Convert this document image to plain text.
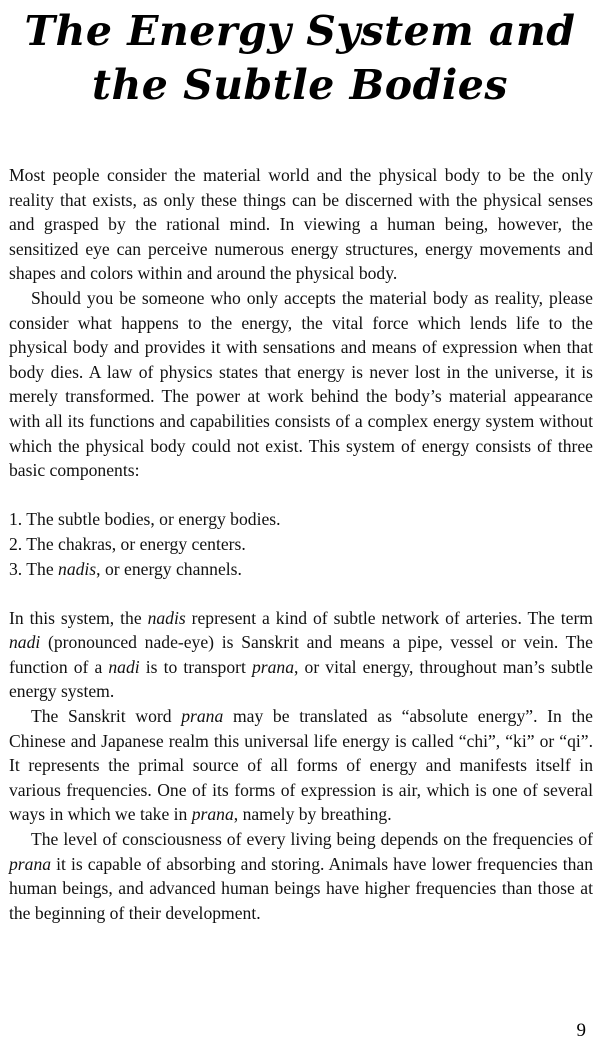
The Energy System and
the Subtle Bodies

Most people consider the material world and the physical body to be the only reality that exists, as only these things can be discerned with the physical senses and grasped by the rational mind. In viewing a human being, however, the sensitized eye can perceive numerous energy structures, energy movements and shapes and colors within and around the physical body.

Should you be someone who only accepts the material body as reality, please consider what happens to the energy, the vital force which lends life to the physical body and provides it with sensations and means of expression when that body dies. A law of physics states that energy is never lost in the universe, it is merely transformed. The power at work behind the body’s material appearance with all its functions and capabilities consists of a complex energy system without which the physical body could not exist. This system of energy consists of three basic components:

1. The subtle bodies, or energy bodies.

2. The chakras, or energy centers.

3. The nadis, or energy channels.

In this system, the nadis represent a kind of subtle network of arteries. The term nadi (pronounced nade-eye) is Sanskrit and means a pipe, vessel or vein. The function of a nadi is to transport prana, or vital energy, throughout man’s subtle energy system.

The Sanskrit word prana may be translated as “absolute energy”. In the Chinese and Japanese realm this universal life energy is called “chi”, “ki” or “qi”. It represents the primal source of all forms of energy and manifests itself in various frequencies. One of its forms of expression is air, which is one of several ways in which we take in prana, namely by breathing.

The level of consciousness of every living being depends on the frequencies of prana it is capable of absorbing and storing. Animals have lower frequencies than human beings, and advanced human beings have higher frequencies than those at the beginning of their development.

9
